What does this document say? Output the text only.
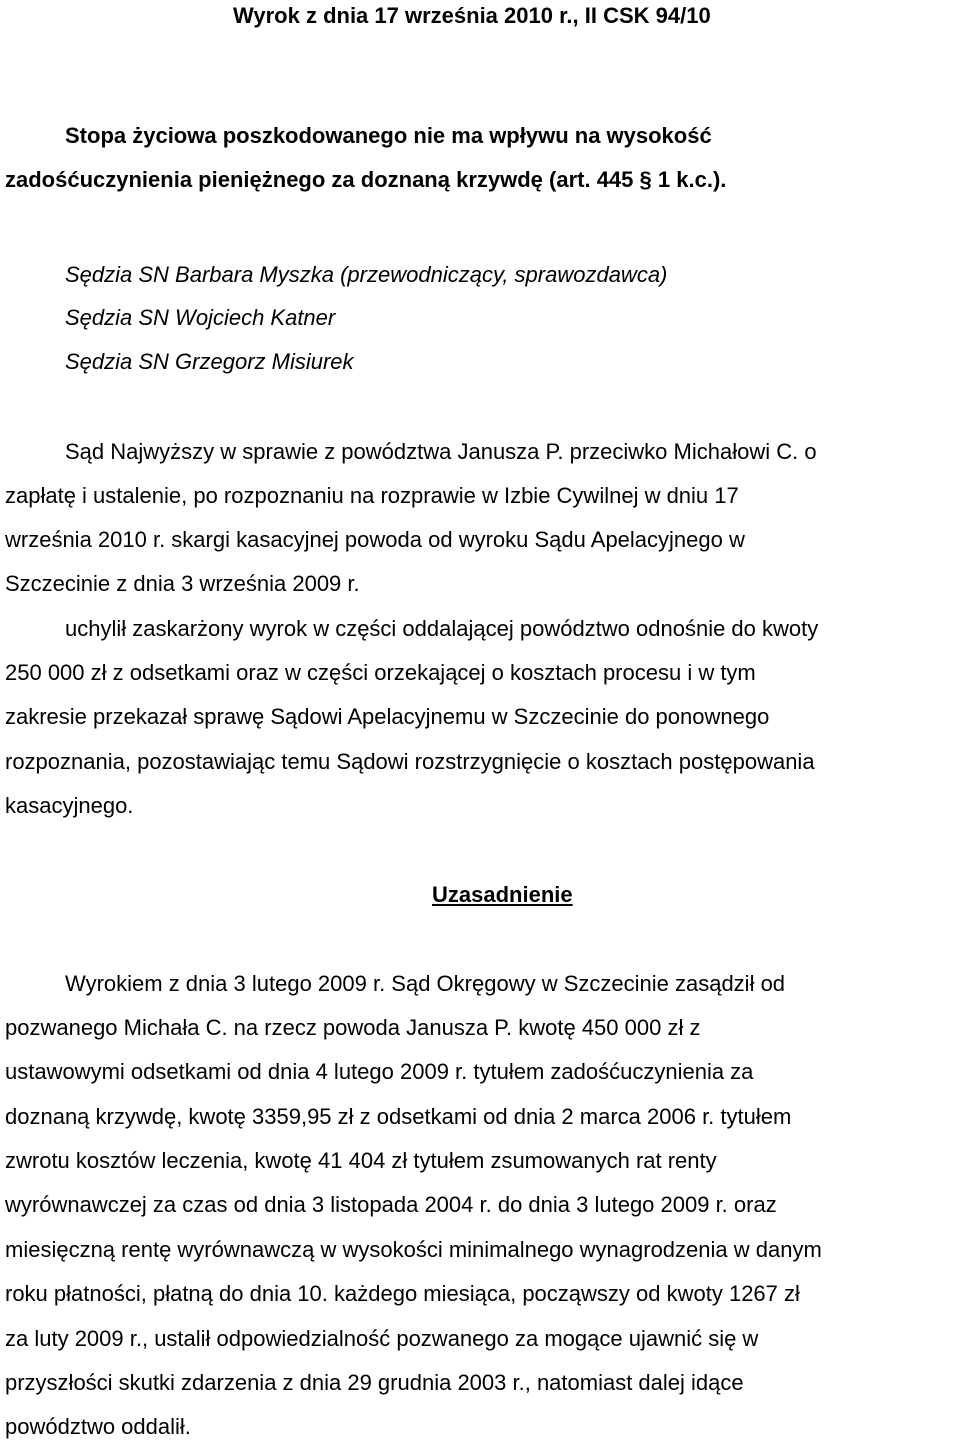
Wyrok z dnia 17 września 2010 r., II CSK 94/10
Stopa życiowa poszkodowanego nie ma wpływu na wysokość
zadośćuczynienia pieniężnego za doznaną krzywdę (art. 445 § 1 k.c.).
Sędzia SN Barbara Myszka (przewodniczący, sprawozdawca)
Sędzia SN Wojciech Katner
Sędzia SN Grzegorz Misiurek
Sąd Najwyższy w sprawie z powództwa Janusza P. przeciwko Michałowi C. o
zapłatę i ustalenie, po rozpoznaniu na rozprawie w Izbie Cywilnej w dniu 17
września 2010 r. skargi kasacyjnej powoda od wyroku Sądu Apelacyjnego w
Szczecinie z dnia 3 września 2009 r.
uchylił zaskarżony wyrok w części oddalającej powództwo odnośnie do kwoty
250 000 zł z odsetkami oraz w części orzekającej o kosztach procesu i w tym
zakresie przekazał sprawę Sądowi Apelacyjnemu w Szczecinie do ponownego
rozpoznania, pozostawiając temu Sądowi rozstrzygnięcie o kosztach postępowania
kasacyjnego.
Uzasadnienie
Wyrokiem z dnia 3 lutego 2009 r. Sąd Okręgowy w Szczecinie zasądził od
pozwanego Michała C. na rzecz powoda Janusza P. kwotę 450 000 zł z
ustawowymi odsetkami od dnia 4 lutego 2009 r. tytułem zadośćuczynienia za
doznaną krzywdę, kwotę 3359,95 zł z odsetkami od dnia 2 marca 2006 r. tytułem
zwrotu kosztów leczenia, kwotę 41 404 zł tytułem zsumowanych rat renty
wyrównawczej za czas od dnia 3 listopada 2004 r. do dnia 3 lutego 2009 r. oraz
miesięczną rentę wyrównawczą w wysokości minimalnego wynagrodzenia w danym
roku płatności, płatną do dnia 10. każdego miesiąca, począwszy od kwoty 1267 zł
za luty 2009 r., ustalił odpowiedzialność pozwanego za mogące ujawnić się w
przyszłości skutki zdarzenia z dnia 29 grudnia 2003 r., natomiast dalej idące
powództwo oddalił.
